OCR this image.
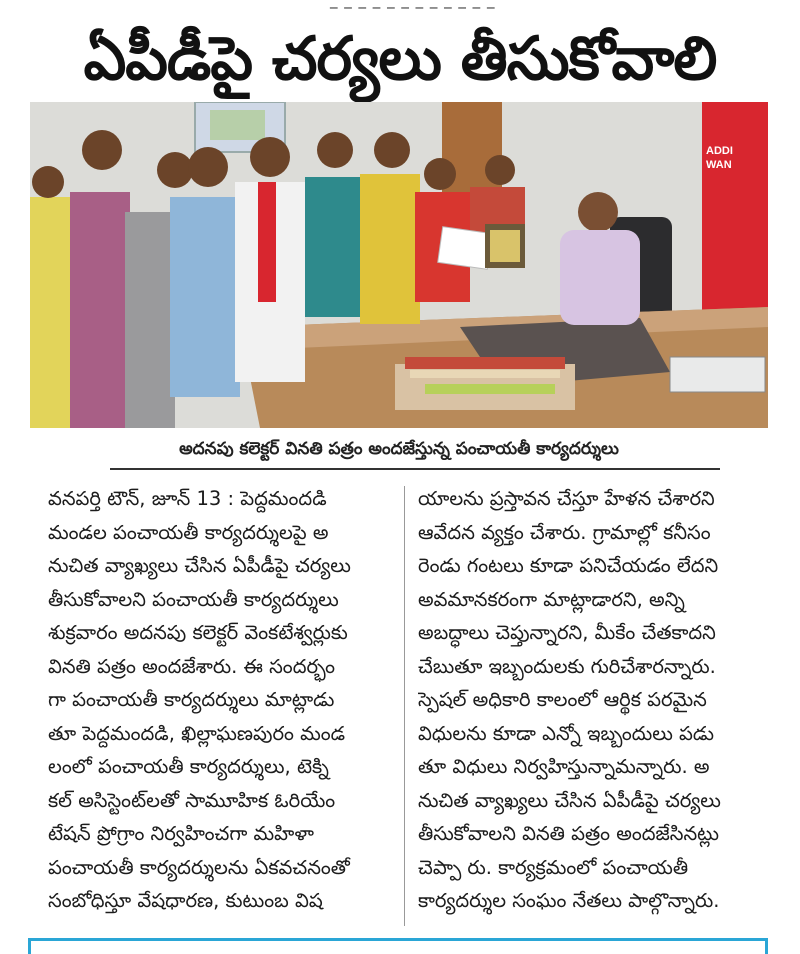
_ _ _ _ _ _ _ _ _ _ _ _
ఏపీడీపై చర్యలు తీసుకోవాలి
ADDI
WAN
అదనపు కలెక్టర్ వినతి పత్రం అందజేస్తున్న పంచాయతీ కార్యదర్శులు
వనపర్తి టౌన్, జూన్ 13 : పెద్దమందడి
మండల పంచాయతీ కార్యదర్శులపై అ
నుచిత వ్యాఖ్యలు చేసిన ఏపీడీపై చర్యలు
తీసుకోవాలని పంచాయతీ కార్యదర్శులు
శుక్రవారం అదనపు కలెక్టర్ వెంకటేశ్వర్లుకు
వినతి పత్రం అందజేశారు. ఈ సందర్భం
గా పంచాయతీ కార్యదర్శులు మాట్లాడు
తూ పెద్దమందడి, ఖిల్లాఘణపురం మండ
లంలో పంచాయతీ కార్యదర్శులు, టెక్ని
కల్ అసిస్టెంట్‌లతో సామూహిక ఓరియేం
టేషన్ ప్రోగ్రాం నిర్వహించగా మహిళా
పంచాయతీ కార్యదర్శులను ఏకవచనంతో
సంబోధిస్తూ వేషధారణ, కుటుంబ విష
యాలను ప్రస్తావన చేస్తూ హేళన చేశారని
ఆవేదన వ్యక్తం చేశారు. గ్రామాల్లో కనీసం
రెండు గంటలు కూడా పనిచేయడం లేదని
అవమానకరంగా మాట్లాడారని, అన్ని
అబద్ధాలు చెప్తున్నారని, మీకేం చేతకాదని
చేబుతూ ఇబ్బందులకు గురిచేశారన్నారు.
స్పెషల్ అధికారి కాలంలో ఆర్థిక పరమైన
విధులను కూడా ఎన్నో ఇబ్బందులు పడు
తూ విధులు నిర్వహిస్తున్నామన్నారు. అ
నుచిత వ్యాఖ్యలు చేసిన ఏపీడీపై చర్యలు
తీసుకోవాలని వినతి పత్రం అందజేసినట్లు
చెప్పా రు. కార్యక్రమంలో పంచాయతీ
కార్యదర్శుల సంఘం నేతలు పాల్గొన్నారు.
